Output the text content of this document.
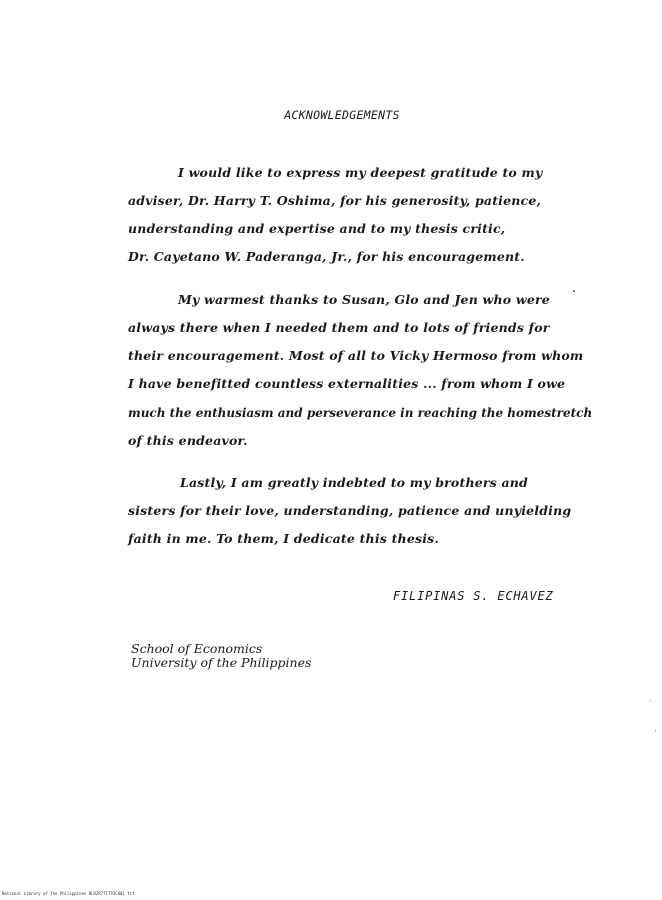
ACKNOWLEDGEMENTS
I would like to express my deepest gratitude to my
adviser, Dr. Harry T. Oshima, for his generosity, patience,
understanding and expertise and to my thesis critic,
Dr. Cayetano W. Paderanga, Jr., for his encouragement.
My warmest thanks to Susan, Glo and Jen who were
always there when I needed them and to lots of friends for
their encouragement. Most of all to Vicky Hermoso from whom
I have benefitted countless externalities ... from whom I owe
much the enthusiasm and perseverance in reaching the homestretch
of this endeavor.
Lastly, I am greatly indebted to my brothers and
sisters for their love, understanding, patience and unyielding
faith in me. To them, I dedicate this thesis.
FILIPINAS S. ECHAVEZ
School of Economics
University of the Philippines
National Library of the Philippines BLR2R77ITP3C001 tif
